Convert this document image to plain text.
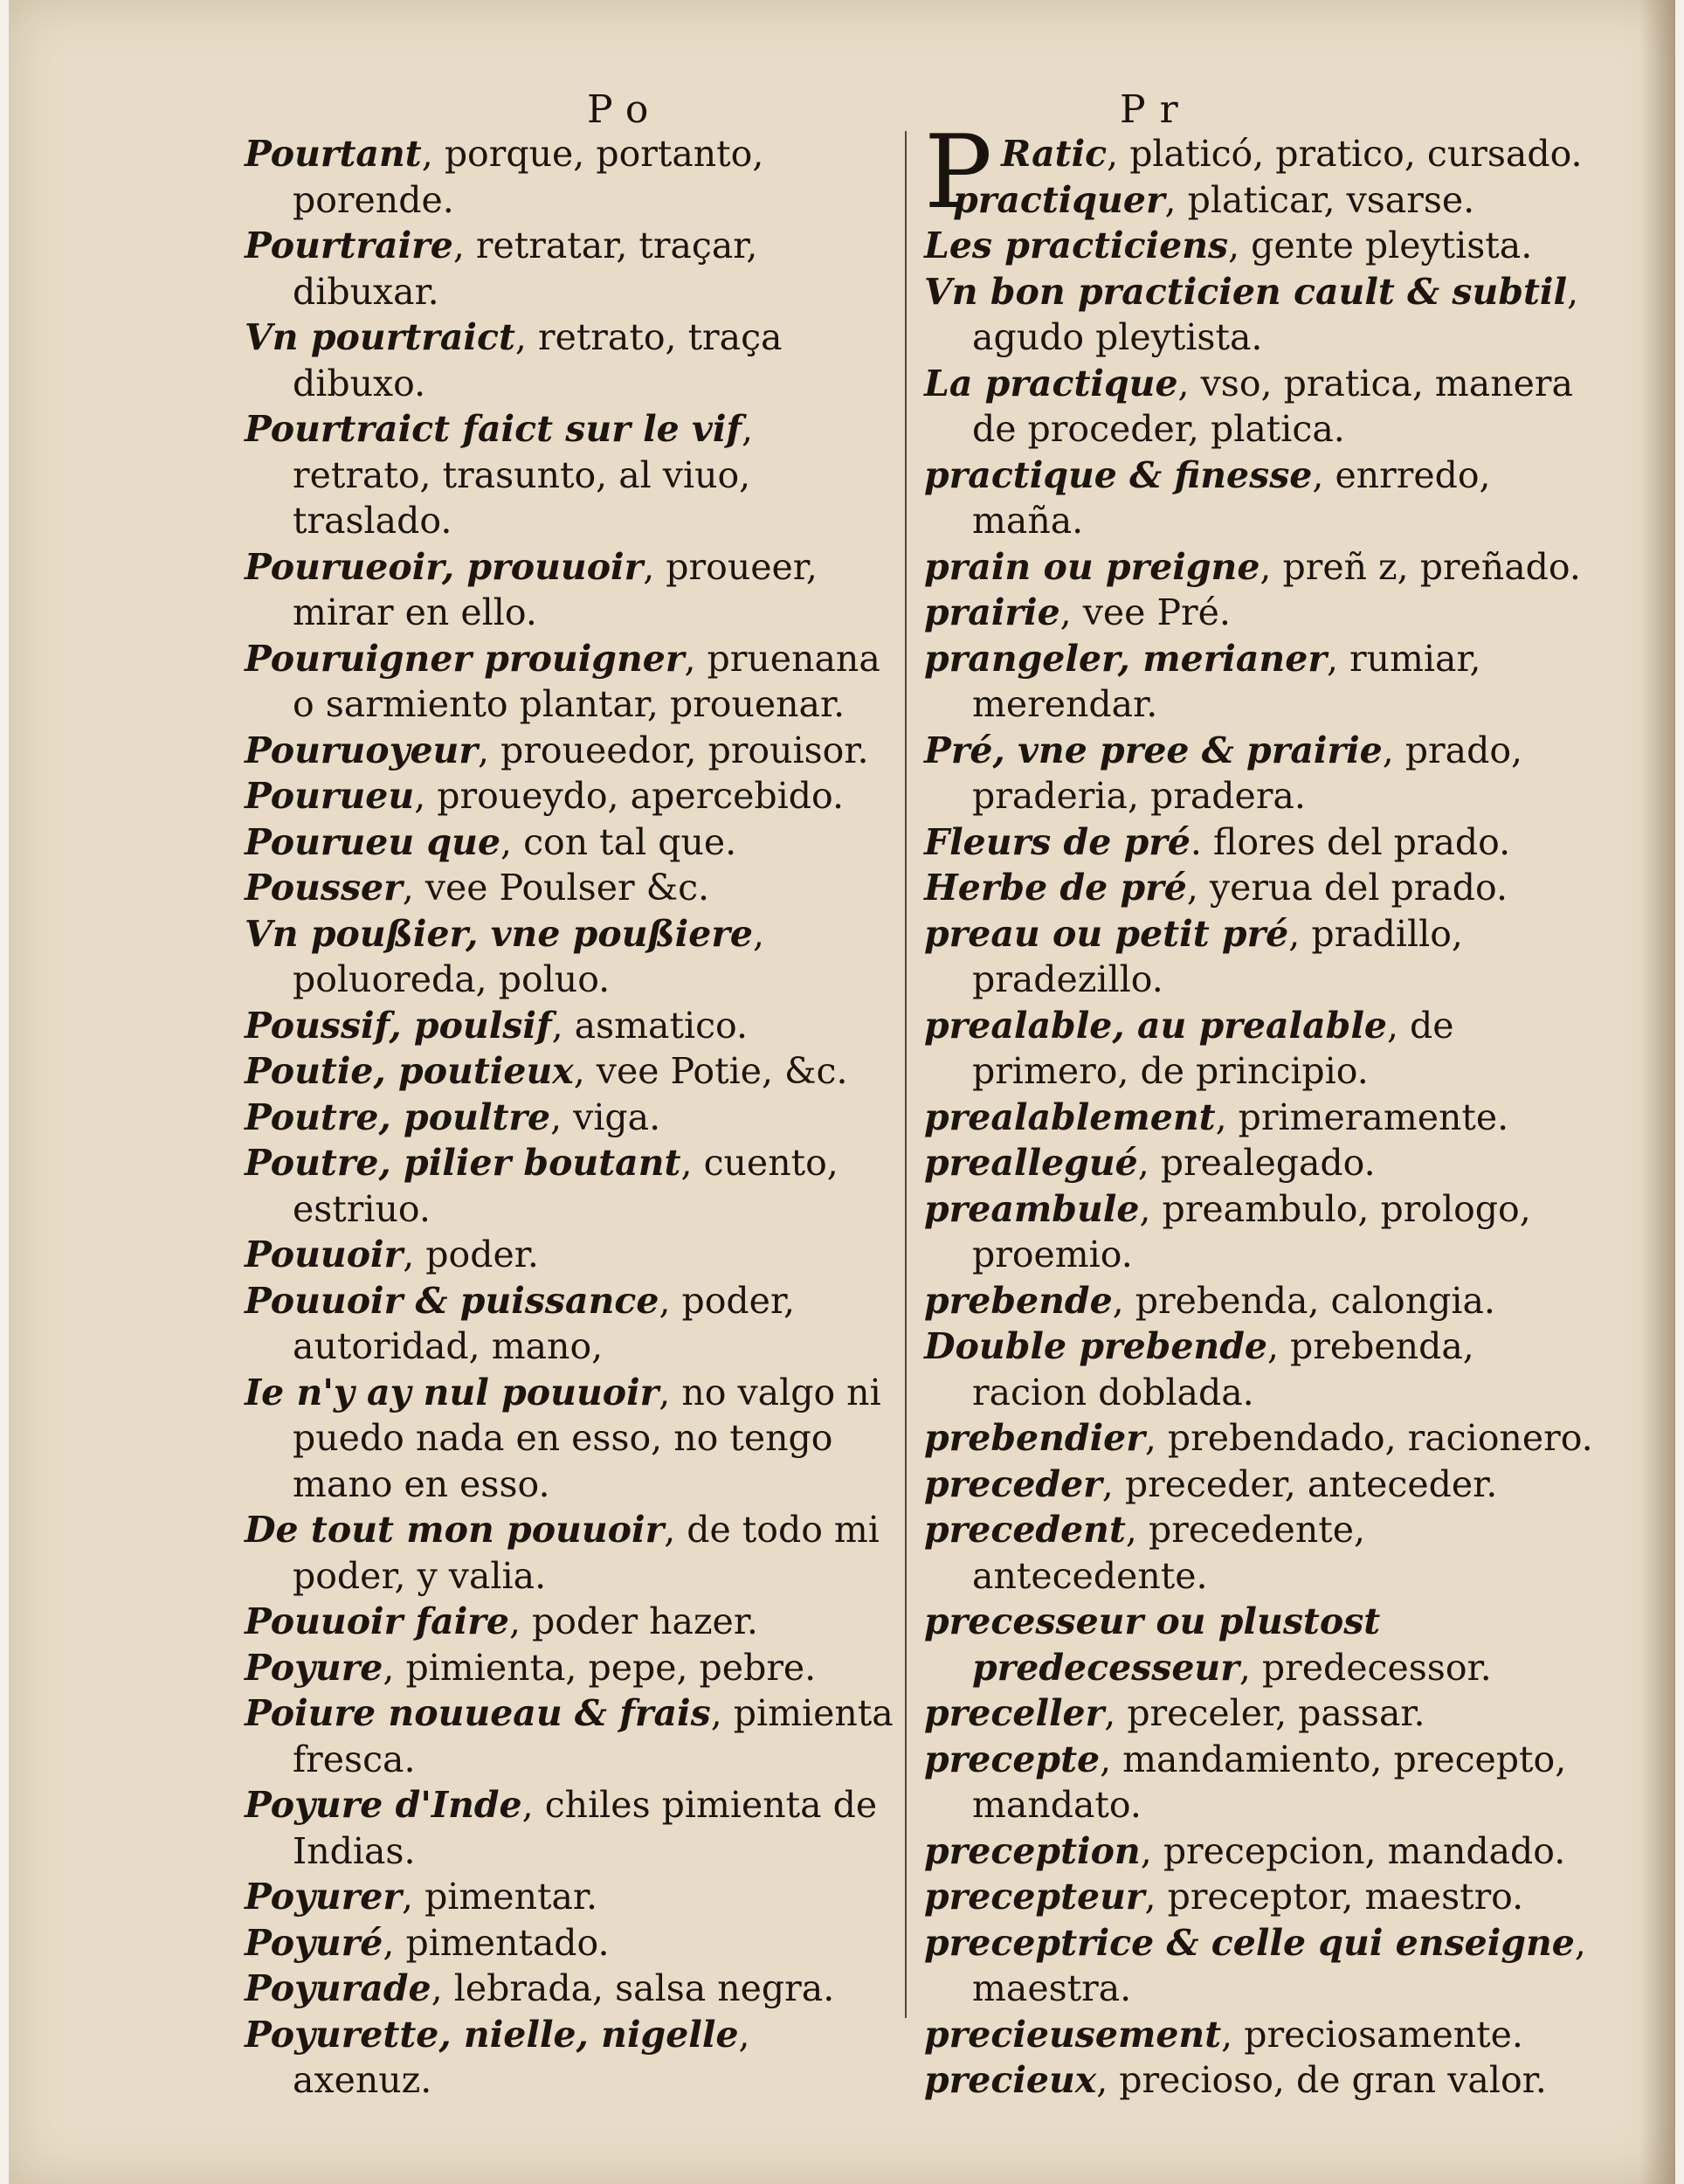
Po	Pr

Pourtant, porque, portanto, porende.

Pourtraire, retratar, traçar, dibuxar.

Vn pourtraict, retrato, traça dibuxo.

Pourtraict faict sur le vif, retrato, trasunto, al viuo, traslado.

Pourueoir, prouuoir, proueer, mirar en ello.

Pouruigner prouigner, pruenana o sarmiento plantar, prouenar.

Pouruoyeur, proueedor, prouisor.

Pourueu, proueydo, apercebido.

Pourueu que, con tal que.

Pousser, vee Poulser &c.

Vn poußier, vne poußiere, poluoreda, poluo.

Poussif, poulsif, asmatico.

Poutie, poutieux, vee Potie, &c.

Poutre, poultre, viga.

Poutre, pilier boutant, cuento, estriuo.

Pouuoir, poder.

Pouuoir & puissance, poder, autoridad, mano,

Ie n'y ay nul pouuoir, no valgo ni puedo nada en esso, no tengo mano en esso.

De tout mon pouuoir, de todo mi poder, y valia.

Pouuoir faire, poder hazer.

Poyure, pimienta, pepe, pebre.

Poiure nouueau & frais, pimienta fresca.

Poyure d'Inde, chiles pimienta de Indias.

Poyurer, pimentar.

Poyuré, pimentado.

Poyurade, lebrada, salsa negra.

Poyurette, nielle, nigelle, axenuz.

P Ratic, platicó, pratico, cursado.

practiquer, platicar, vsarse.

Les practiciens, gente pleytista.

Vn bon practicien cault & subtil, agudo pleytista.

La practique, vso, pratica, manera de proceder, platica.

practique & finesse, enrredo, maña.

prain ou preigne, preñ z, preñado.

prairie, vee Pré.

prangeler, merianer, rumiar, merendar.

Pré, vne pree & prairie, prado, praderia, pradera.

Fleurs de pré. flores del prado.

Herbe de pré, yerua del prado.

preau ou petit pré, pradillo, pradezillo.

prealable, au prealable, de primero, de principio.

prealablement, primeramente.

preallegué, prealegado.

preambule, preambulo, prologo, proemio.

prebende, prebenda, calongia.

Double prebende, prebenda, racion doblada.

prebendier, prebendado, racionero.

preceder, preceder, anteceder.

precedent, precedente, antecedente.

precesseur ou plustost predecesseur, predecessor.

preceller, preceler, passar.

precepte, mandamiento, precepto, mandato.

preception, precepcion, mandado.

precepteur, preceptor, maestro.

preceptrice & celle qui enseigne, maestra.

precieusement, preciosamente.

precieux, precioso, de gran valor.
